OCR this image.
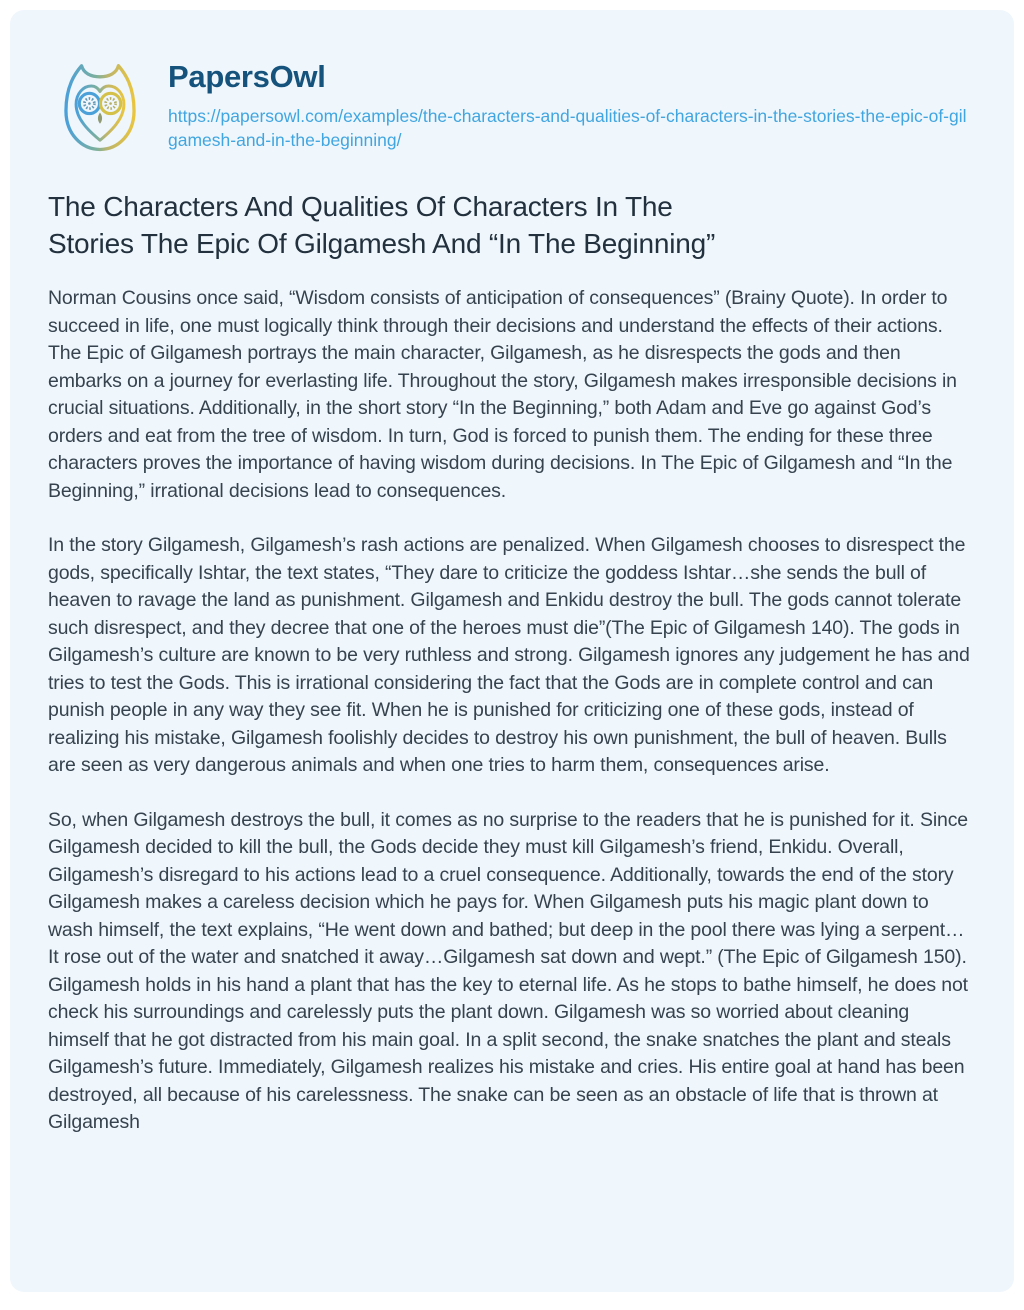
PapersOwl
https://papersowl.com/examples/the-characters-and-qualities-of-characters-in-the-stories-the-epic-of-gilgamesh-and-in-the-beginning/
The Characters And Qualities Of Characters In The Stories The Epic Of Gilgamesh And “In The Beginning”

Norman Cousins once said, “Wisdom consists of anticipation of consequences” (Brainy Quote). In order to succeed in life, one must logically think through their decisions and understand the effects of their actions. The Epic of Gilgamesh portrays the main character, Gilgamesh, as he disrespects the gods and then embarks on a journey for everlasting life. Throughout the story, Gilgamesh makes irresponsible decisions in crucial situations. Additionally, in the short story “In the Beginning,” both Adam and Eve go against God’s orders and eat from the tree of wisdom. In turn, God is forced to punish them. The ending for these three characters proves the importance of having wisdom during decisions. In The Epic of Gilgamesh and “In the Beginning,” irrational decisions lead to consequences.

In the story Gilgamesh, Gilgamesh’s rash actions are penalized. When Gilgamesh chooses to disrespect the gods, specifically Ishtar, the text states, “They dare to criticize the goddess Ishtar…she sends the bull of heaven to ravage the land as punishment. Gilgamesh and Enkidu destroy the bull. The gods cannot tolerate such disrespect, and they decree that one of the heroes must die”(The Epic of Gilgamesh 140). The gods in Gilgamesh’s culture are known to be very ruthless and strong. Gilgamesh ignores any judgement he has and tries to test the Gods. This is irrational considering the fact that the Gods are in complete control and can punish people in any way they see fit. When he is punished for criticizing one of these gods, instead of realizing his mistake, Gilgamesh foolishly decides to destroy his own punishment, the bull of heaven. Bulls are seen as very dangerous animals and when one tries to harm them, consequences arise.

So, when Gilgamesh destroys the bull, it comes as no surprise to the readers that he is punished for it. Since Gilgamesh decided to kill the bull, the Gods decide they must kill Gilgamesh’s friend, Enkidu. Overall, Gilgamesh’s disregard to his actions lead to a cruel consequence. Additionally, towards the end of the story Gilgamesh makes a careless decision which he pays for. When Gilgamesh puts his magic plant down to wash himself, the text explains, “He went down and bathed; but deep in the pool there was lying a serpent…It rose out of the water and snatched it away…Gilgamesh sat down and wept.” (The Epic of Gilgamesh 150). Gilgamesh holds in his hand a plant that has the key to eternal life. As he stops to bathe himself, he does not check his surroundings and carelessly puts the plant down. Gilgamesh was so worried about cleaning himself that he got distracted from his main goal. In a split second, the snake snatches the plant and steals Gilgamesh’s future. Immediately, Gilgamesh realizes his mistake and cries. His entire goal at hand has been destroyed, all because of his carelessness. The snake can be seen as an obstacle of life that is thrown at Gilgamesh
